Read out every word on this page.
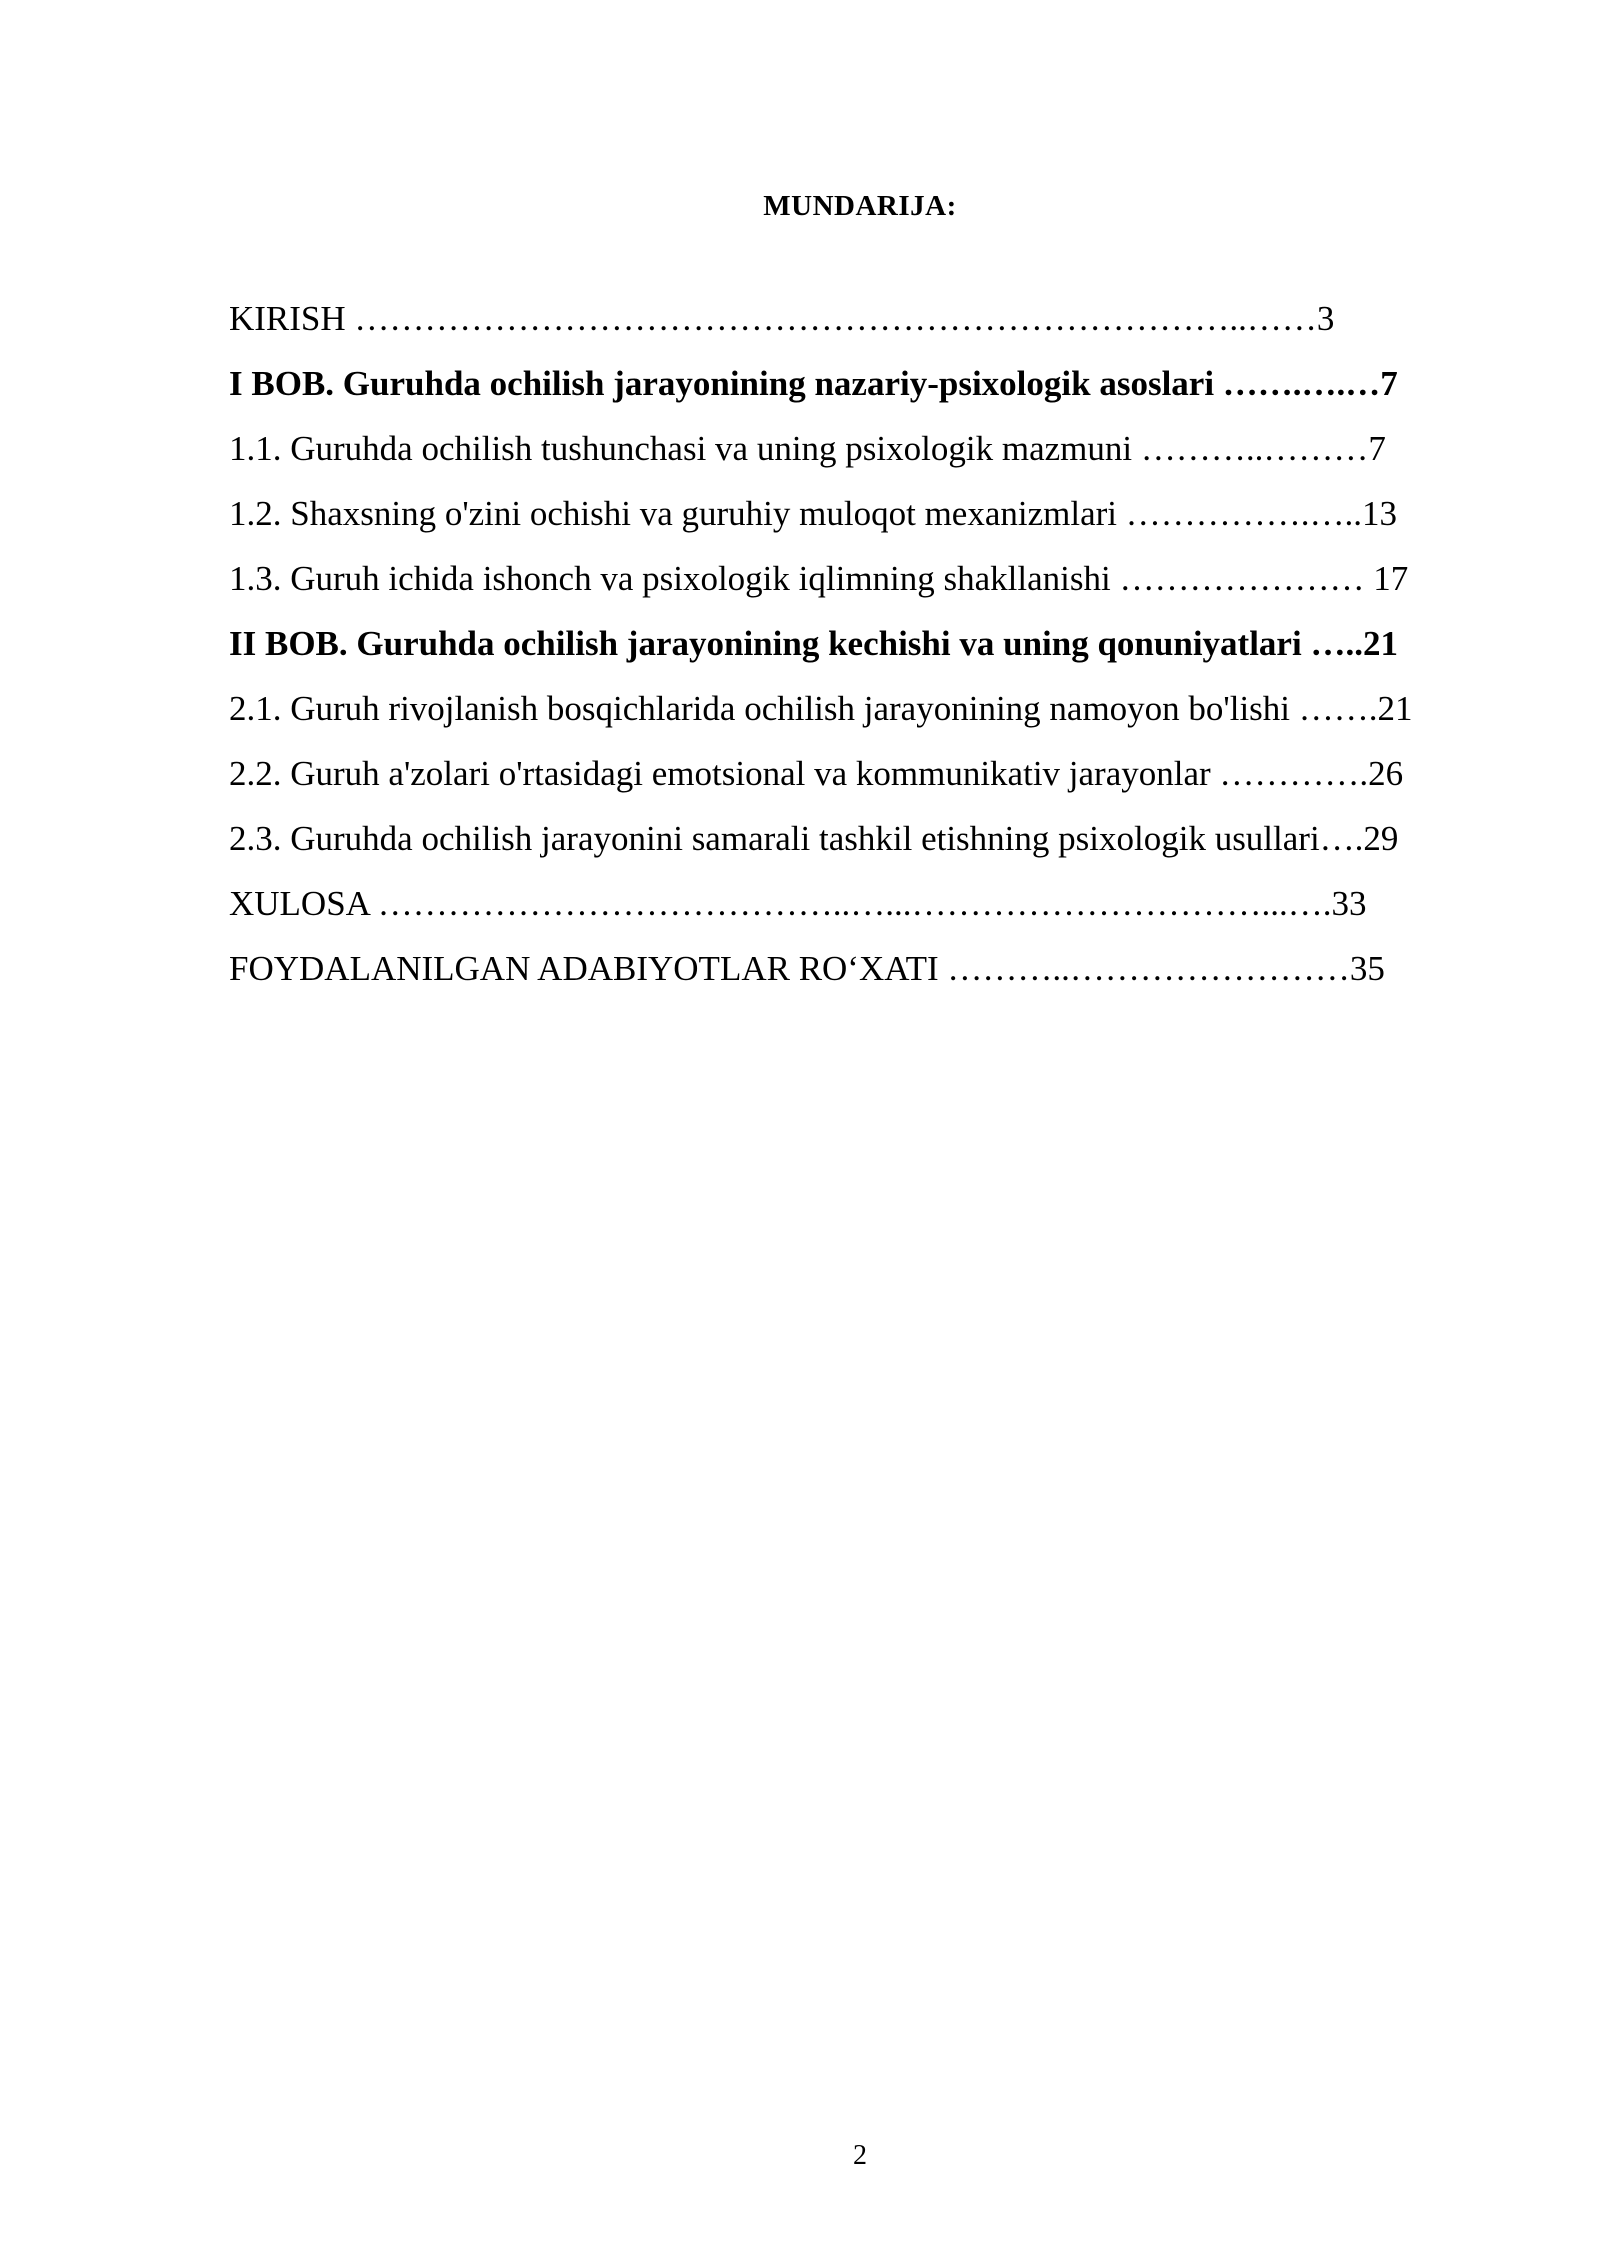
MUNDARIJA:
KIRISH …………………………………………………………………..……3
I BOB. Guruhda ochilish jarayonining nazariy-psixologik asoslari …….….…7
1.1. Guruhda ochilish tushunchasi va uning psixologik mazmuni ………..………7
1.2. Shaxsning o'zini ochishi va guruhiy muloqot mexanizmlari …………….…..13
1.3. Guruh ichida ishonch va psixologik iqlimning shakllanishi ………………… 17
II BOB. Guruhda ochilish jarayonining kechishi va uning qonuniyatlari …..21
2.1. Guruh rivojlanish bosqichlarida ochilish jarayonining namoyon bo'lishi …….21
2.2. Guruh a'zolari o'rtasidagi emotsional va kommunikativ jarayonlar ………….26
2.3. Guruhda ochilish jarayonini samarali tashkil etishning psixologik usullari….29
XULOSA …………………………………..…...…………………………...….33
FOYDALANILGAN ADABIYOTLAR RO‘XATI ………..……………………35
2
